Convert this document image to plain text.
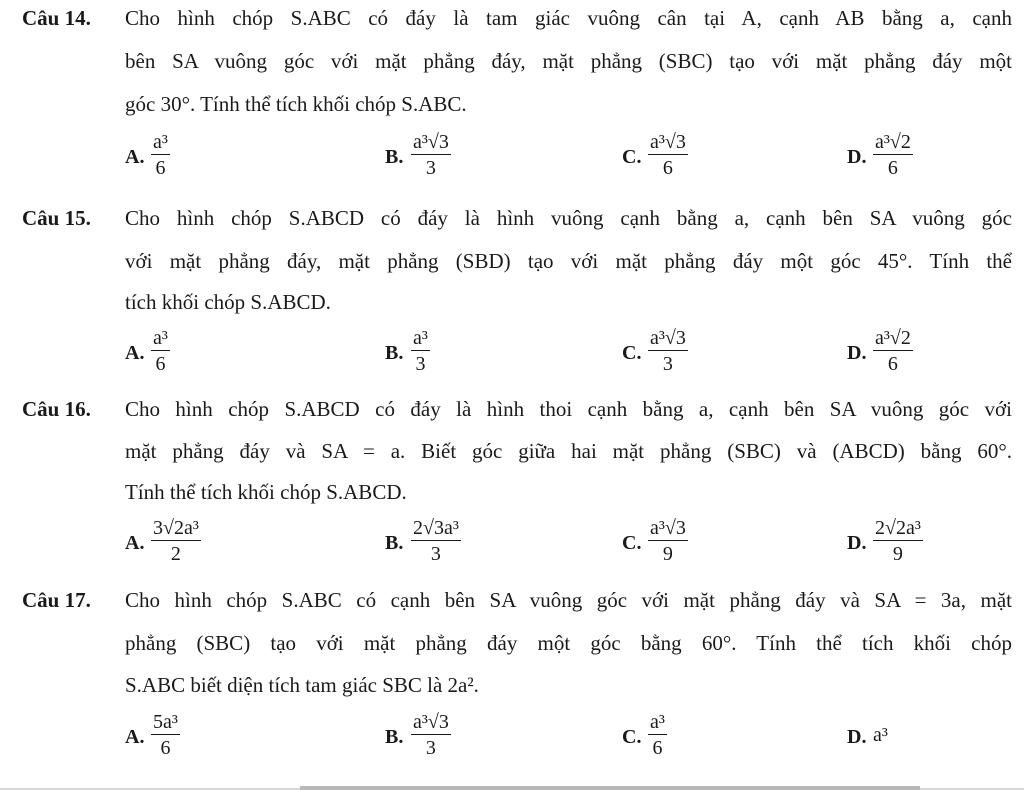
Câu 14. Cho hình chóp S.ABC có đáy là tam giác vuông cân tại A, cạnh AB bằng a, cạnh
bên SA vuông góc với mặt phẳng đáy, mặt phẳng (SBC) tạo với mặt phẳng đáy một
góc 30°. Tính thể tích khối chóp S.ABC.
A.
a³
6	B.
a³√3
3	C.
a³√3
6	D.
a³√2
6
Câu 15. Cho hình chóp S.ABCD có đáy là hình vuông cạnh bằng a, cạnh bên SA vuông góc
với mặt phẳng đáy, mặt phẳng (SBD) tạo với mặt phẳng đáy một góc 45°. Tính thể
tích khối chóp S.ABCD.
A.
a³
6	B.
a³
3	C.
a³√3
3	D.
a³√2
6
Câu 16. Cho hình chóp S.ABCD có đáy là hình thoi cạnh bằng a, cạnh bên SA vuông góc với
mặt phẳng đáy và SA = a. Biết góc giữa hai mặt phẳng (SBC) và (ABCD) bằng 60°.
Tính thể tích khối chóp S.ABCD.
A.
3√2a³
2	B.
2√3a³
3	C.
a³√3
9	D.
2√2a³
9
Câu 17. Cho hình chóp S.ABC có cạnh bên SA vuông góc với mặt phẳng đáy và SA = 3a, mặt
phẳng (SBC) tạo với mặt phẳng đáy một góc bằng 60°. Tính thể tích khối chóp
S.ABC biết diện tích tam giác SBC là 2a².
A.
5a³
6	B.
a³√3
3	C.
a³
6	D. a³
